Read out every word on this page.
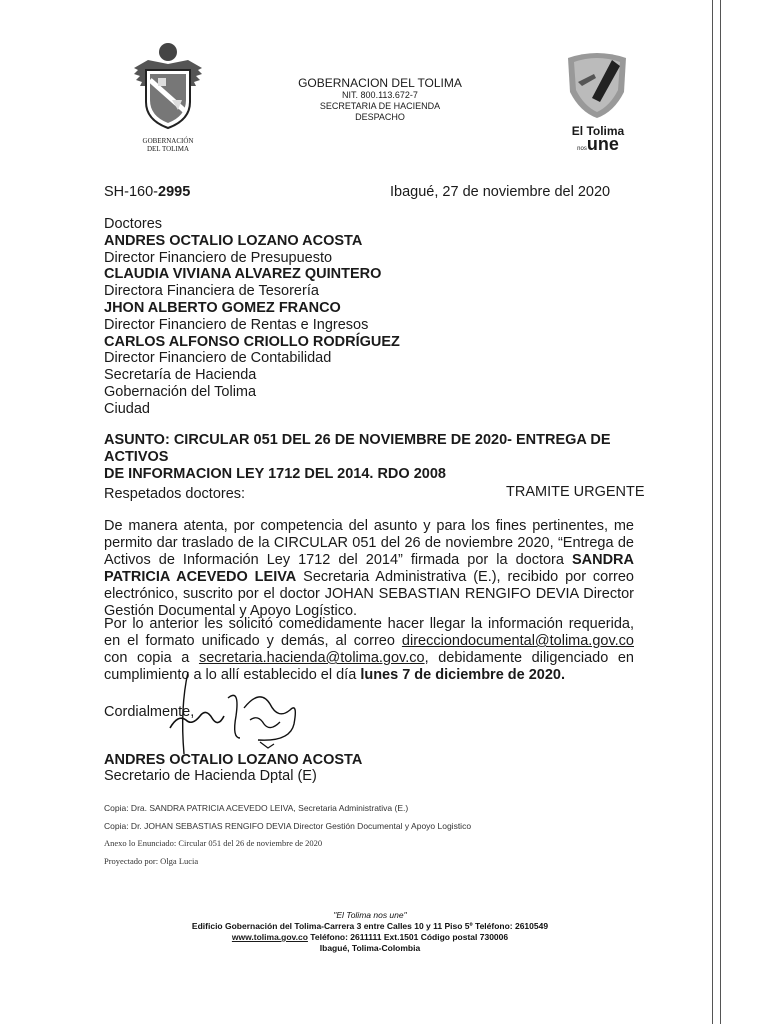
GOBERNACIÓN
DEL TOLIMA
GOBERNACION DEL TOLIMA
NIT. 800.113.672-7
SECRETARIA DE HACIENDA
DESPACHO
El Tolima
nosune
SH-160-2995	Ibagué, 27 de noviembre del 2020
Doctores
ANDRES OCTALIO LOZANO ACOSTA
Director Financiero de Presupuesto
CLAUDIA VIVIANA ALVAREZ QUINTERO
Directora Financiera de Tesorería
JHON ALBERTO GOMEZ FRANCO
Director Financiero de Rentas e Ingresos
CARLOS ALFONSO CRIOLLO RODRÍGUEZ
Director Financiero de Contabilidad
Secretaría de Hacienda
Gobernación del Tolima
Ciudad
ASUNTO: CIRCULAR 051 DEL 26 DE NOVIEMBRE DE 2020- ENTREGA DE ACTIVOS
DE INFORMACION LEY 1712 DEL 2014. RDO 2008
Respetados doctores:	TRAMITE URGENTE
De manera atenta, por competencia del asunto y para los fines pertinentes, me permito dar traslado de la CIRCULAR 051 del 26 de noviembre 2020, “Entrega de Activos de Información Ley 1712 del 2014” firmada por la doctora SANDRA PATRICIA ACEVEDO LEIVA Secretaria Administrativa (E.), recibido por correo electrónico, suscrito por el doctor JOHAN SEBASTIAN RENGIFO DEVIA Director Gestión Documental y Apoyo Logístico.
Por lo anterior les solicitó comedidamente hacer llegar la información requerida, en el formato unificado y demás, al correo direcciondocumental@tolima.gov.co con copia a secretaria.hacienda@tolima.gov.co, debidamente diligenciado en cumplimiento a lo allí establecido el día lunes 7 de diciembre de 2020.
Cordialmente,
ANDRES OCTALIO LOZANO ACOSTA
Secretario de Hacienda Dptal (E)
Copia: Dra. SANDRA PATRICIA ACEVEDO LEIVA, Secretaria Administrativa (E.)
Copia: Dr. JOHAN SEBASTIAS RENGIFO DEVIA Director Gestión Documental y Apoyo Logistico
Anexo lo Enunciado: Circular 051 del 26 de noviembre de 2020
Proyectado por: Olga Lucia
"El Tolima nos une"
Edificio Gobernación del Tolima-Carrera 3 entre Calles 10 y 11 Piso 5º Teléfono: 2610549
www.tolima.gov.co Teléfono: 2611111 Ext.1501 Código postal 730006
Ibagué, Tolima-Colombia
